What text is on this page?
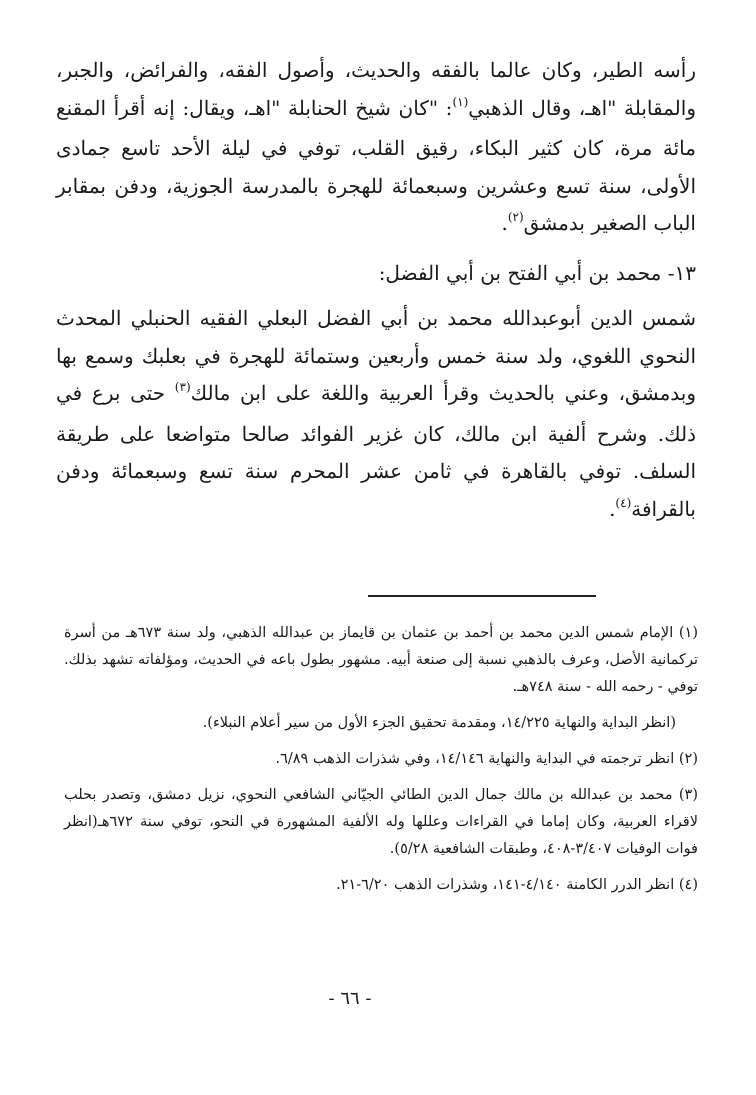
رأسه الطير، وكان عالما بالفقه والحديث، وأصول الفقه، والفرائض، والجبر، والمقابلة "اهـ، وقال الذهبي$^{(١)}$: "كان شيخ الحنابلة "اهـ، ويقال: إنه أقرأ المقنع مائة مرة، كان كثير البكاء، رقيق القلب، توفي في ليلة الأحد تاسع جمادى الأولى، سنة تسع وعشرين وسبعمائة للهجرة بالمدرسة الجوزية، ودفن بمقابر الباب الصغير بدمشق$^{(٢)}$.

١٣- محمد بن أبي الفتح بن أبي الفضل:

شمس الدين أبوعبدالله محمد بن أبي الفضل البعلي الفقيه الحنبلي المحدث النحوي اللغوي، ولد سنة خمس وأربعين وستمائة للهجرة في بعلبك وسمع بها وبدمشق، وعني بالحديث وقرأ العربية واللغة على ابن مالك$^{(٣)}$ حتى برع في ذلك. وشرح ألفية ابن مالك، كان غزير الفوائد صالحا متواضعا على طريقة السلف. توفي بالقاهرة في ثامن عشر المحرم سنة تسع وسبعمائة ودفن بالقرافة$^{(٤)}$.

(١) الإمام شمس الدين محمد بن أحمد بن عثمان بن قايماز بن عبدالله الذهبي، ولد سنة ٦٧٣هـ من أسرة تركمانية الأصل، وعرف بالذهبي نسبة إلى صنعة أبيه. مشهور بطول باعه في الحديث، ومؤلفاته تشهد بذلك. توفي - رحمه الله - سنة ٧٤٨هـ.

(انظر البداية والنهاية ١٤/٢٢٥، ومقدمة تحقيق الجزء الأول من سير أعلام النبلاء).

(٢) انظر ترجمته في البداية والنهاية ١٤/١٤٦، وفي شذرات الذهب ٦/٨٩.

(٣) محمد بن عبدالله بن مالك جمال الدين الطائي الجيّاني الشافعي النحوي، نزيل دمشق، وتصدر بحلب لاقراء العربية، وكان إماما في القراءات وعللها وله الألفية المشهورة في النحو، توفي سنة ٦٧٢هـ(انظر فوات الوفيات ٣/٤٠٧-٤٠٨، وطبقات الشافعية ٥/٢٨).

(٤) انظر الدرر الكامنة ٤/١٤٠-١٤١، وشذرات الذهب ٦/٢٠-٢١.

- ٦٦ -
